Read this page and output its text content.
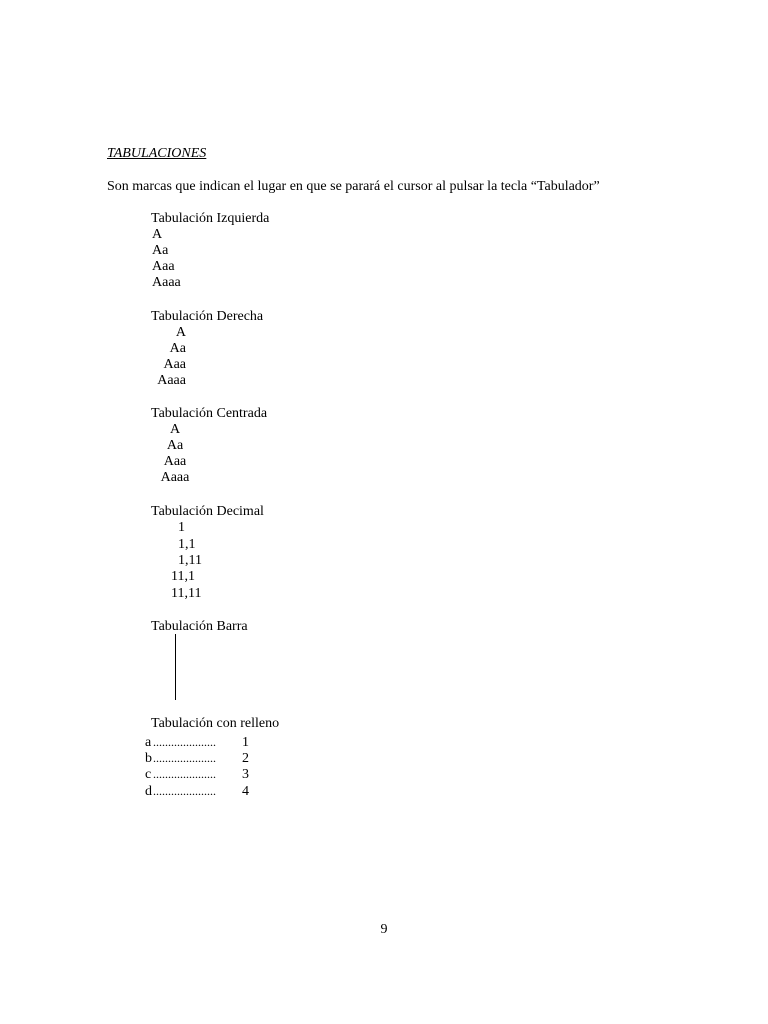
TABULACIONES
Son marcas que indican el lugar en que se parará el cursor al pulsar la tecla “Tabulador”
Tabulación Izquierda
A
Aa
Aaa
Aaaa
Tabulación Derecha
A
Aa
Aaa
Aaaa
Tabulación Centrada
A
Aa
Aaa
Aaaa
Tabulación Decimal
1
1,1
1,11
11,1
11,11
Tabulación Barra
Tabulación con relleno
a .....................	1
b .....................	2
c .....................	3
d .....................	4
9
